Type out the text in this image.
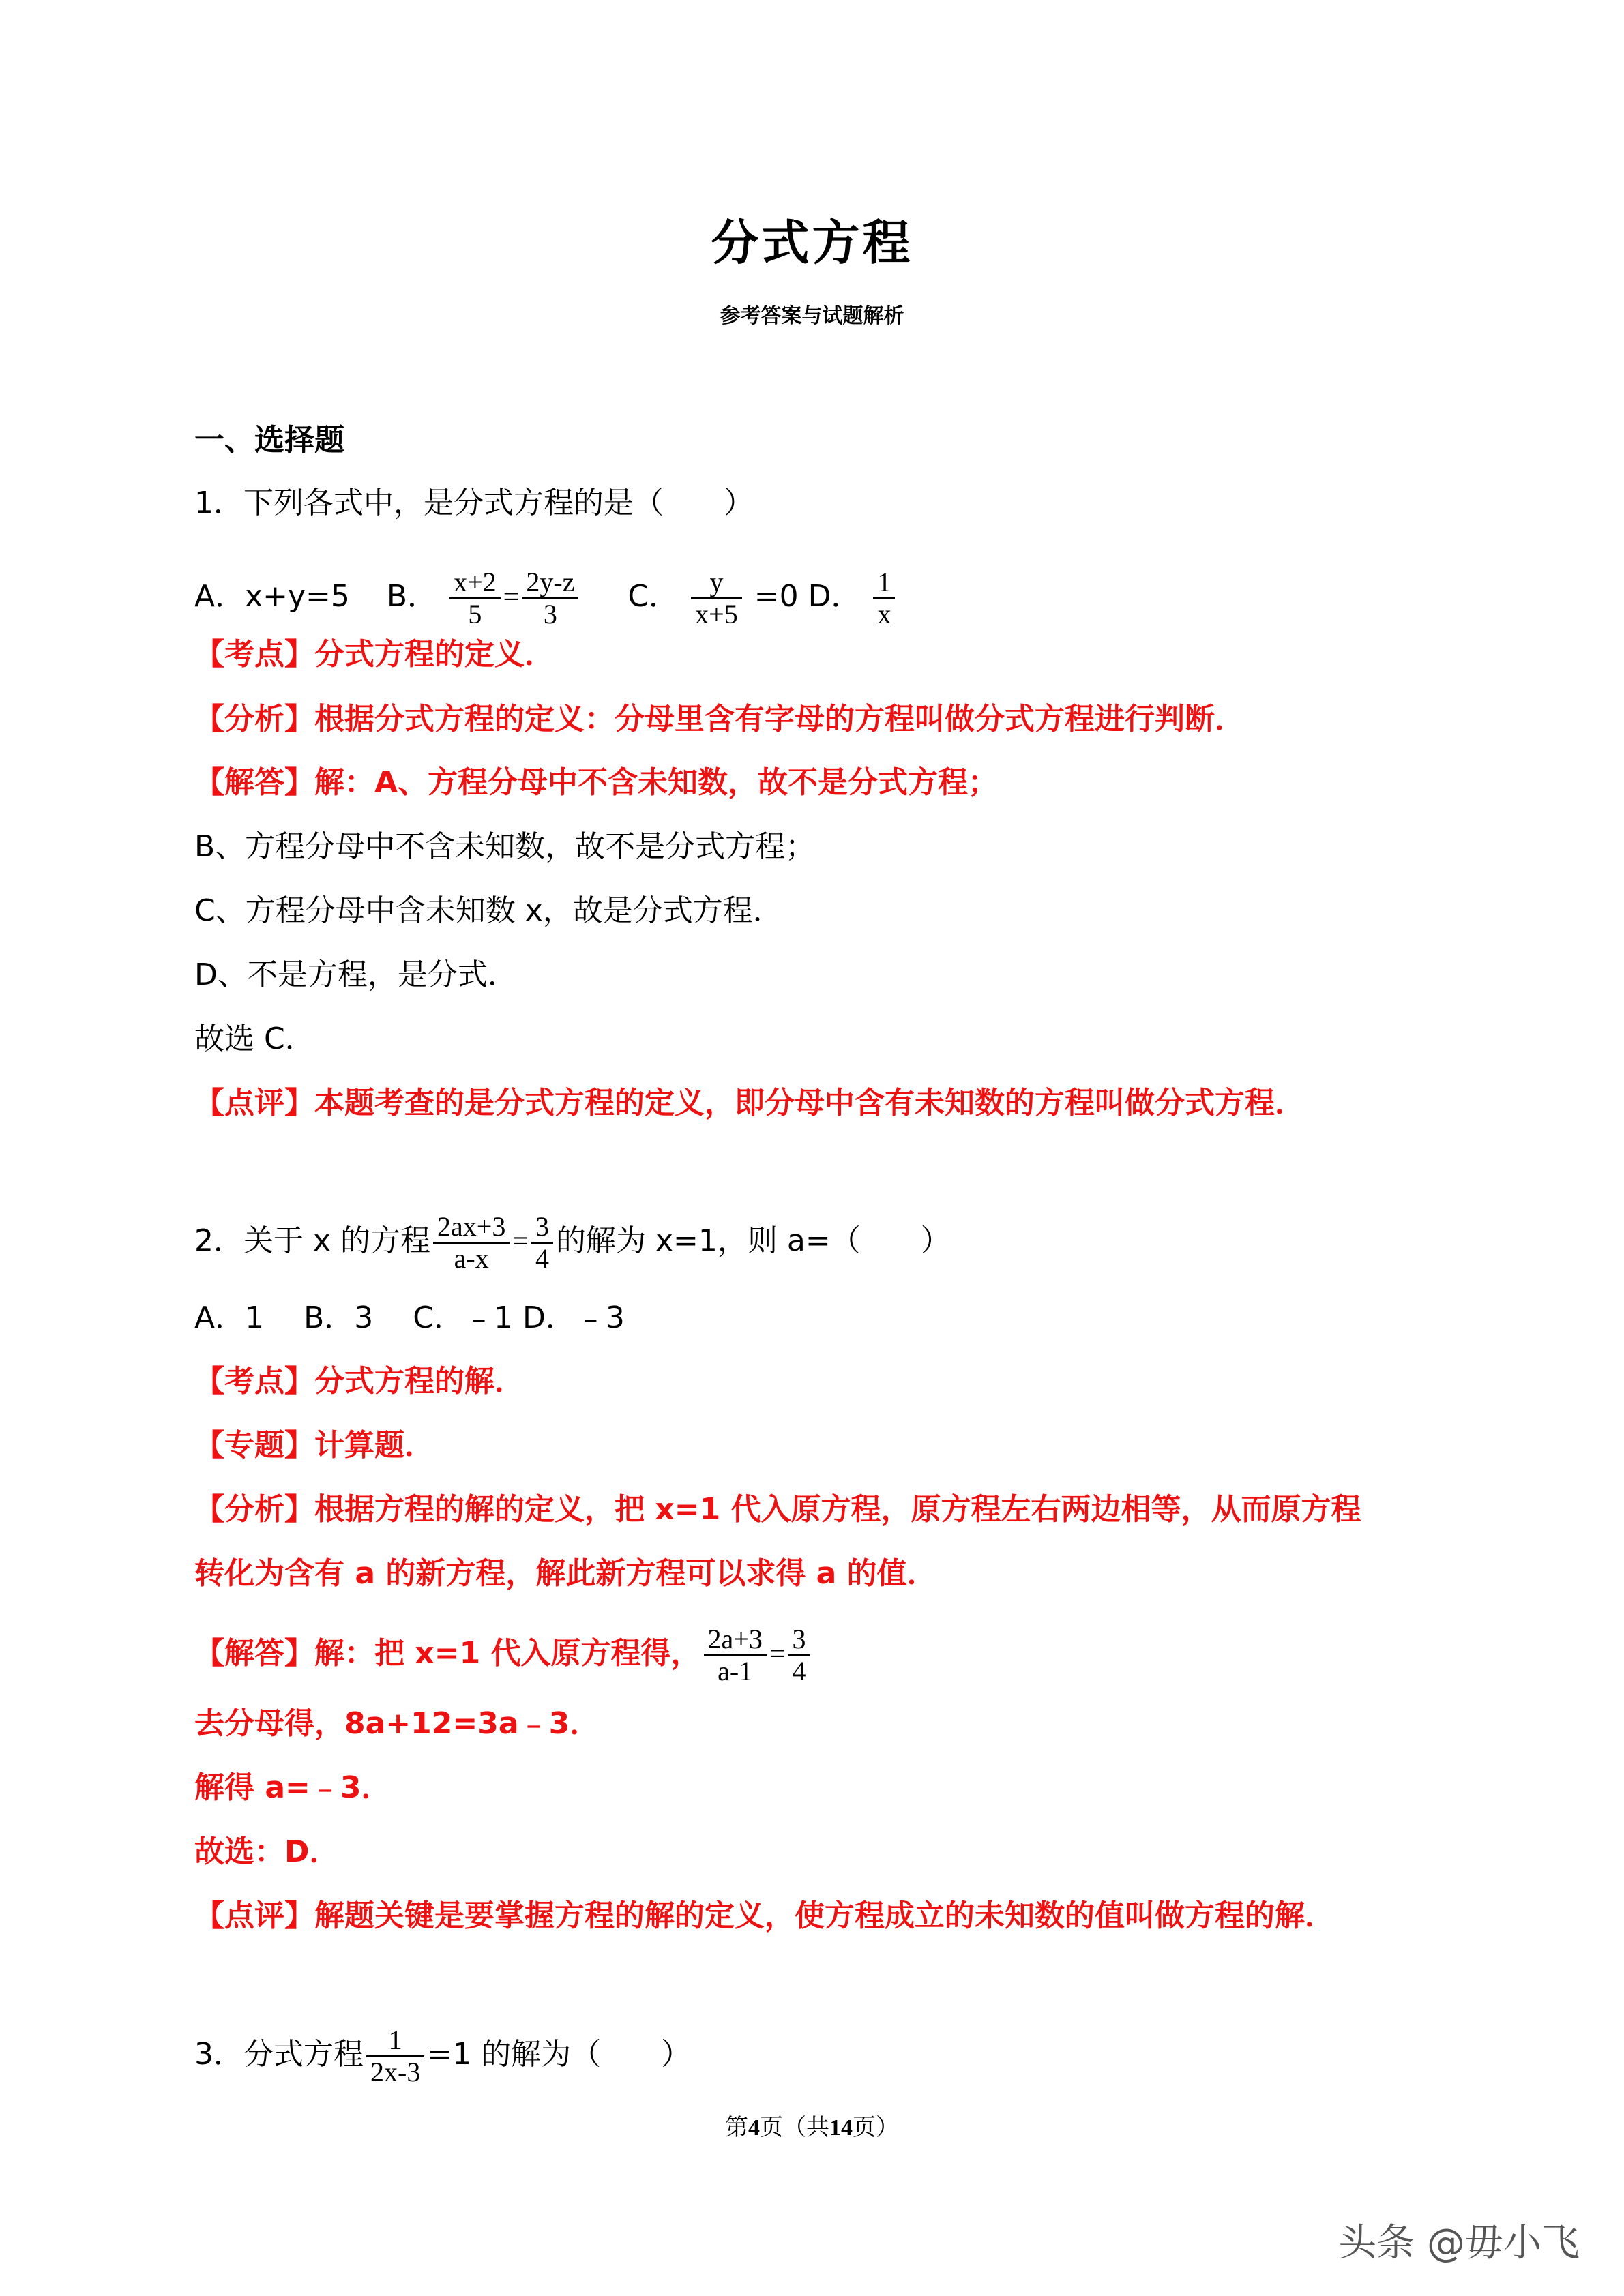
分式方程
参考答案与试题解析
一、选择题
1．下列各式中，是分式方程的是（　　）
A．x+y=5 B． $\frac{x+2}{5} = \frac{2y-z}{3}$ C． $\frac{y}{x+5} =0$ D． $\frac{1}{x}$
【考点】分式方程的定义．
【分析】根据分式方程的定义：分母里含有字母的方程叫做分式方程进行判断．
【解答】解：A、方程分母中不含未知数，故不是分式方程；
B、方程分母中不含未知数，故不是分式方程；
C、方程分母中含未知数 x，故是分式方程．
D、不是方程，是分式．
故选 C．
【点评】本题考查的是分式方程的定义，即分母中含有未知数的方程叫做分式方程．
2．关于 x 的方程 $\frac{2ax+3}{a-x} = \frac{3}{4}$ 的解为 x=1，则 a=（　　）
A．1　 B．3　 C．﹣1 D．﹣3
【考点】分式方程的解．
【专题】计算题．
【分析】根据方程的解的定义，把 x=1 代入原方程，原方程左右两边相等，从而原方程
转化为含有 a 的新方程，解此新方程可以求得 a 的值．
【解答】解：把 x=1 代入原方程得， $\frac{2a+3}{a-1} = \frac{3}{4}$
去分母得，8a+12=3a﹣3．
解得 a=﹣3．
故选：D．
【点评】解题关键是要掌握方程的解的定义，使方程成立的未知数的值叫做方程的解．
3．分式方程 $\frac{1}{2x-3} =1$ 的解为（　　）
第4页（共14页）
头条 @毋小飞
